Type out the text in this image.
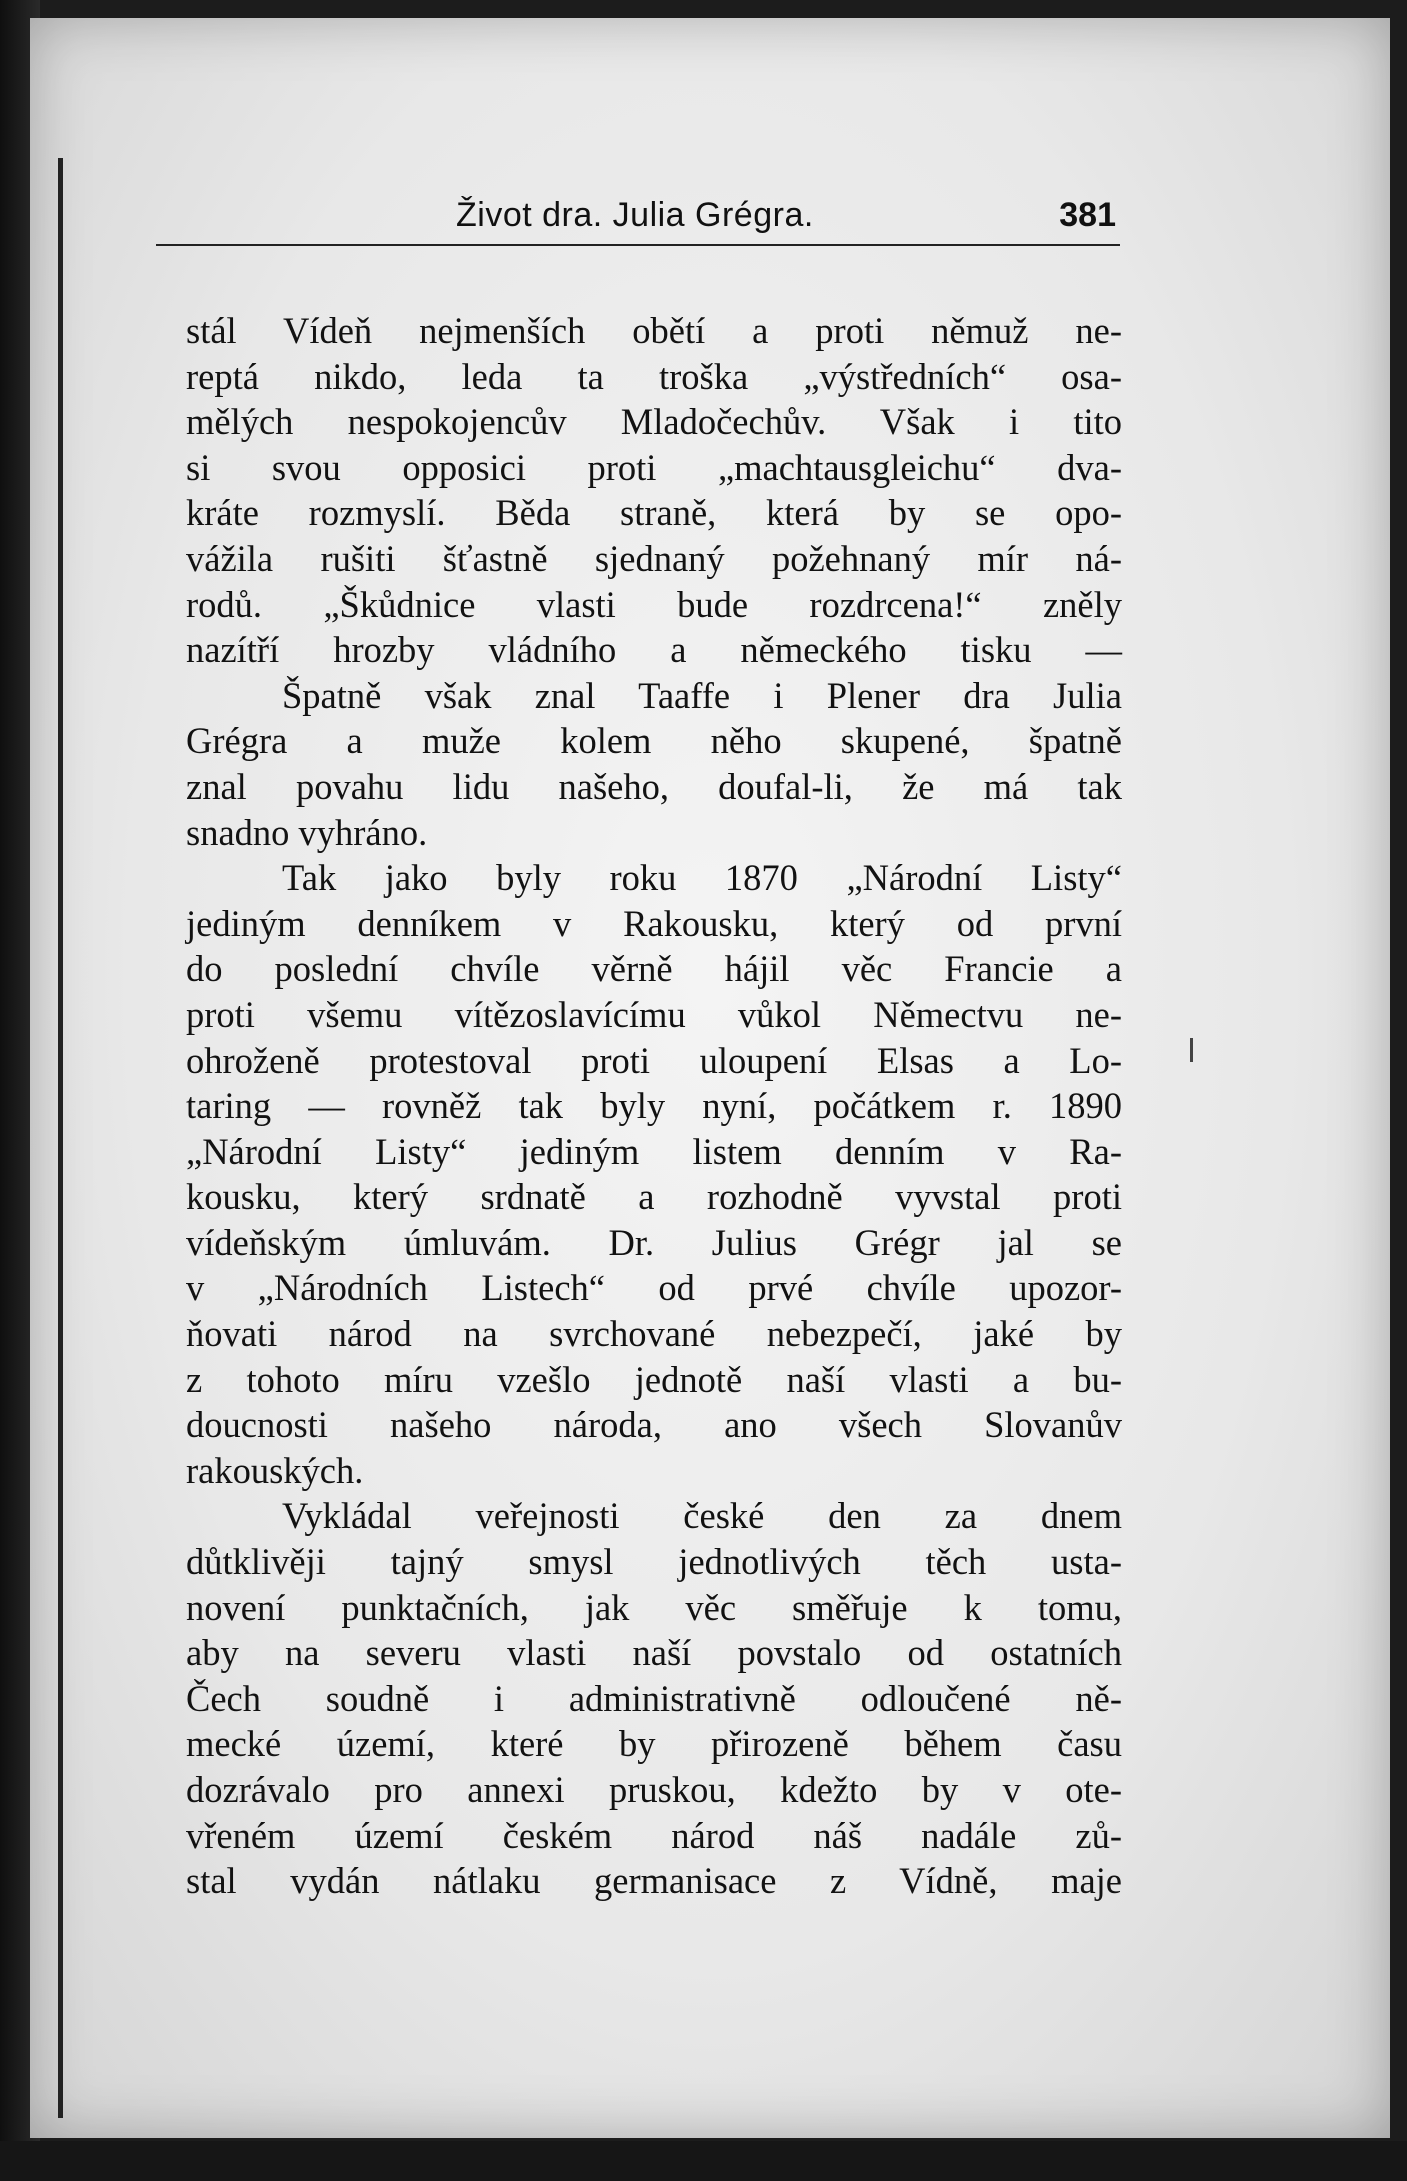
Život dra. Julia Grégra.	381
stál Vídeň nejmenších obětí a proti němuž ne-
reptá nikdo, leda ta troška „výstředních“ osa-
mělých nespokojencův Mladočechův. Však i tito
si svou opposici proti „machtausgleichu“ dva-
kráte rozmyslí. Běda straně, která by se opo-
vážila rušiti šťastně sjednaný požehnaný mír ná-
rodů. „Škůdnice vlasti bude rozdrcena!“ zněly
nazítří hrozby vládního a německého tisku —
Špatně však znal Taaffe i Plener dra Julia
Grégra a muže kolem něho skupené, špatně
znal povahu lidu našeho, doufal-li, že má tak
snadno vyhráno.
Tak jako byly roku 1870 „Národní Listy“
jediným denníkem v Rakousku, který od první
do poslední chvíle věrně hájil věc Francie a
proti všemu vítězoslavícímu vůkol Němectvu ne-
ohroženě protestoval proti uloupení Elsas a Lo-
taring — rovněž tak byly nyní, počátkem r. 1890
„Národní Listy“ jediným listem denním v Ra-
kousku, který srdnatě a rozhodně vyvstal proti
vídeňským úmluvám. Dr. Julius Grégr jal se
v „Národních Listech“ od prvé chvíle upozor-
ňovati národ na svrchované nebezpečí, jaké by
z tohoto míru vzešlo jednotě naší vlasti a bu-
doucnosti našeho národa, ano všech Slovanův
rakouských.
Vykládal veřejnosti české den za dnem
důtklivěji tajný smysl jednotlivých těch usta-
novení punktačních, jak věc směřuje k tomu,
aby na severu vlasti naší povstalo od ostatních
Čech soudně i administrativně odloučené ně-
mecké území, které by přirozeně během času
dozrávalo pro annexi pruskou, kdežto by v ote-
vřeném území českém národ náš nadále zů-
stal vydán nátlaku germanisace z Vídně, maje
